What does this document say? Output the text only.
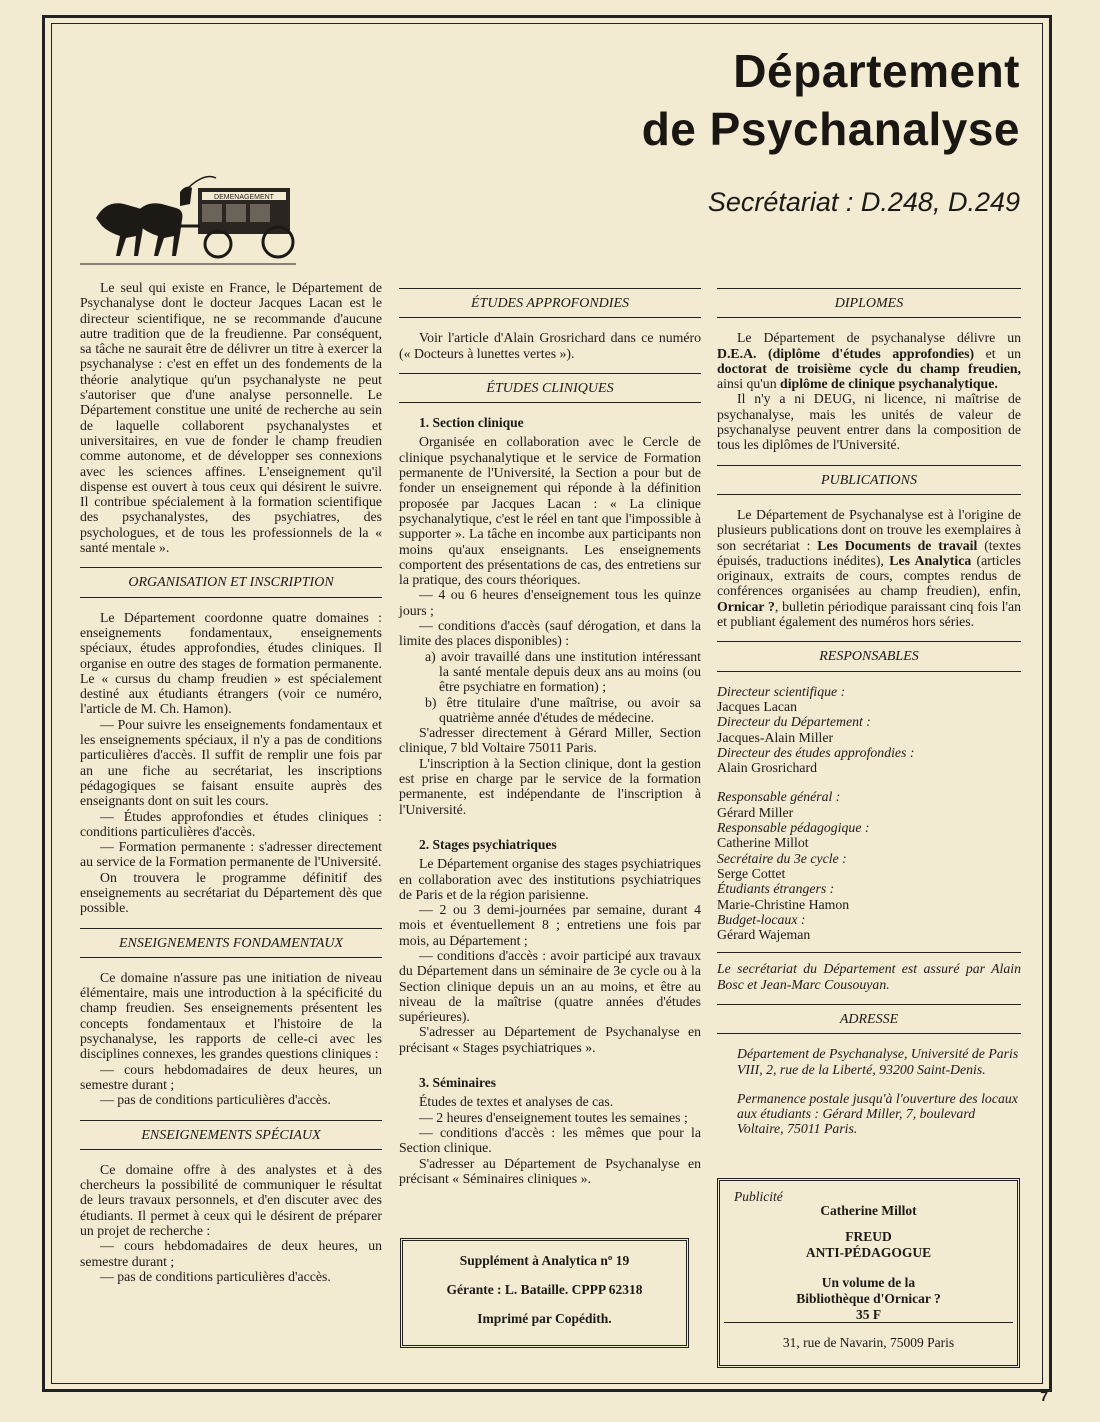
Département
de Psychanalyse
Secrétariat : D.248, D.249
DEMENAGEMENT

Le seul qui existe en France, le Département de Psychanalyse dont le docteur Jacques Lacan est le directeur scientifique, ne se recommande d'aucune autre tradition que de la freudienne. Par conséquent, sa tâche ne saurait être de délivrer un titre à exercer la psychanalyse : c'est en effet un des fondements de la théorie analytique qu'un psychanalyste ne peut s'autoriser que d'une analyse personnelle. Le Département constitue une unité de recherche au sein de laquelle collaborent psychanalystes et universitaires, en vue de fonder le champ freudien comme autonome, et de développer ses connexions avec les sciences affines. L'enseignement qu'il dispense est ouvert à tous ceux qui désirent le suivre. Il contribue spécialement à la formation scientifique des psychanalystes, des psychiatres, des psychologues, et de tous les professionnels de la « santé mentale ».

ORGANISATION ET INSCRIPTION

Le Département coordonne quatre domaines : enseignements fondamentaux, enseignements spéciaux, études approfondies, études cliniques. Il organise en outre des stages de formation permanente. Le « cursus du champ freudien » est spécialement destiné aux étudiants étrangers (voir ce numéro, l'article de M. Ch. Hamon).

— Pour suivre les enseignements fondamentaux et les enseignements spéciaux, il n'y a pas de conditions particulières d'accès. Il suffit de remplir une fois par an une fiche au secrétariat, les inscriptions pédagogiques se faisant ensuite auprès des enseignants dont on suit les cours.

— Études approfondies et études cliniques : conditions particulières d'accès.

— Formation permanente : s'adresser directement au service de la Formation permanente de l'Université.

On trouvera le programme définitif des enseignements au secrétariat du Département dès que possible.

ENSEIGNEMENTS FONDAMENTAUX

Ce domaine n'assure pas une initiation de niveau élémentaire, mais une introduction à la spécificité du champ freudien. Ses enseignements présentent les concepts fondamentaux et l'histoire de la psychanalyse, les rapports de celle-ci avec les disciplines connexes, les grandes questions cliniques :

— cours hebdomadaires de deux heures, un semestre durant ;

— pas de conditions particulières d'accès.

ENSEIGNEMENTS SPÉCIAUX

Ce domaine offre à des analystes et à des chercheurs la possibilité de communiquer le résultat de leurs travaux personnels, et d'en discuter avec des étudiants. Il permet à ceux qui le désirent de préparer un projet de recherche :

— cours hebdomadaires de deux heures, un semestre durant ;

— pas de conditions particulières d'accès.

ÉTUDES APPROFONDIES

Voir l'article d'Alain Grosrichard dans ce numéro (« Docteurs à lunettes vertes »).

ÉTUDES CLINIQUES
1. Section clinique

Organisée en collaboration avec le Cercle de clinique psychanalytique et le service de Formation permanente de l'Université, la Section a pour but de fonder un enseignement qui réponde à la définition proposée par Jacques Lacan : « La clinique psychanalytique, c'est le réel en tant que l'impossible à supporter ». La tâche en incombe aux participants non moins qu'aux enseignants. Les enseignements comportent des présentations de cas, des entretiens sur la pratique, des cours théoriques.

— 4 ou 6 heures d'enseignement tous les quinze jours ;

— conditions d'accès (sauf dérogation, et dans la limite des places disponibles) :

a) avoir travaillé dans une institution intéressant la santé mentale depuis deux ans au moins (ou être psychiatre en formation) ;

b) être titulaire d'une maîtrise, ou avoir sa quatrième année d'études de médecine.

S'adresser directement à Gérard Miller, Section clinique, 7 bld Voltaire 75011 Paris.

L'inscription à la Section clinique, dont la gestion est prise en charge par le service de la formation permanente, est indépendante de l'inscription à l'Université.

2. Stages psychiatriques

Le Département organise des stages psychiatriques en collaboration avec des institutions psychiatriques de Paris et de la région parisienne.

— 2 ou 3 demi-journées par semaine, durant 4 mois et éventuellement 8 ; entretiens une fois par mois, au Département ;

— conditions d'accès : avoir participé aux travaux du Département dans un séminaire de 3e cycle ou à la Section clinique depuis un an au moins, et être au niveau de la maîtrise (quatre années d'études supérieures).

S'adresser au Département de Psychanalyse en précisant « Stages psychiatriques ».

3. Séminaires

Études de textes et analyses de cas.

— 2 heures d'enseignement toutes les semaines ;

— conditions d'accès : les mêmes que pour la Section clinique.

S'adresser au Département de Psychanalyse en précisant « Séminaires cliniques ».

Supplément à Analytica nº 19
Gérante : L. Bataille. CPPP 62318
Imprimé par Copédith.
DIPLOMES

Le Département de psychanalyse délivre un D.E.A. (diplôme d'études approfondies) et un doctorat de troisième cycle du champ freudien, ainsi qu'un diplôme de clinique psychanalytique.

Il n'y a ni DEUG, ni licence, ni maîtrise de psychanalyse, mais les unités de valeur de psychanalyse peuvent entrer dans la composition de tous les diplômes de l'Université.

PUBLICATIONS

Le Département de Psychanalyse est à l'origine de plusieurs publications dont on trouve les exemplaires à son secrétariat : Les Documents de travail (textes épuisés, traductions inédites), Les Analytica (articles originaux, extraits de cours, comptes rendus de conférences organisées au champ freudien), enfin, Ornicar ?, bulletin périodique paraissant cinq fois l'an et publiant également des numéros hors séries.

RESPONSABLES
Directeur scientifique :
Jacques Lacan
Directeur du Département :
Jacques-Alain Miller
Directeur des études approfondies :
Alain Grosrichard
Responsable général :
Gérard Miller
Responsable pédagogique :
Catherine Millot
Secrétaire du 3e cycle :
Serge Cottet
Étudiants étrangers :
Marie-Christine Hamon
Budget-locaux :
Gérard Wajeman
Le secrétariat du Département est assuré par Alain Bosc et Jean-Marc Cousouyan.
ADRESSE

Département de Psychanalyse, Université de Paris VIII, 2, rue de la Liberté, 93200 Saint-Denis.

Permanence postale jusqu'à l'ouverture des locaux aux étudiants : Gérard Miller, 7, boulevard Voltaire, 75011 Paris.

Publicité
Catherine Millot
FREUD
ANTI-PÉDAGOGUE
Un volume de la
Bibliothèque d'Ornicar ?
35 F
31, rue de Navarin, 75009 Paris
7
